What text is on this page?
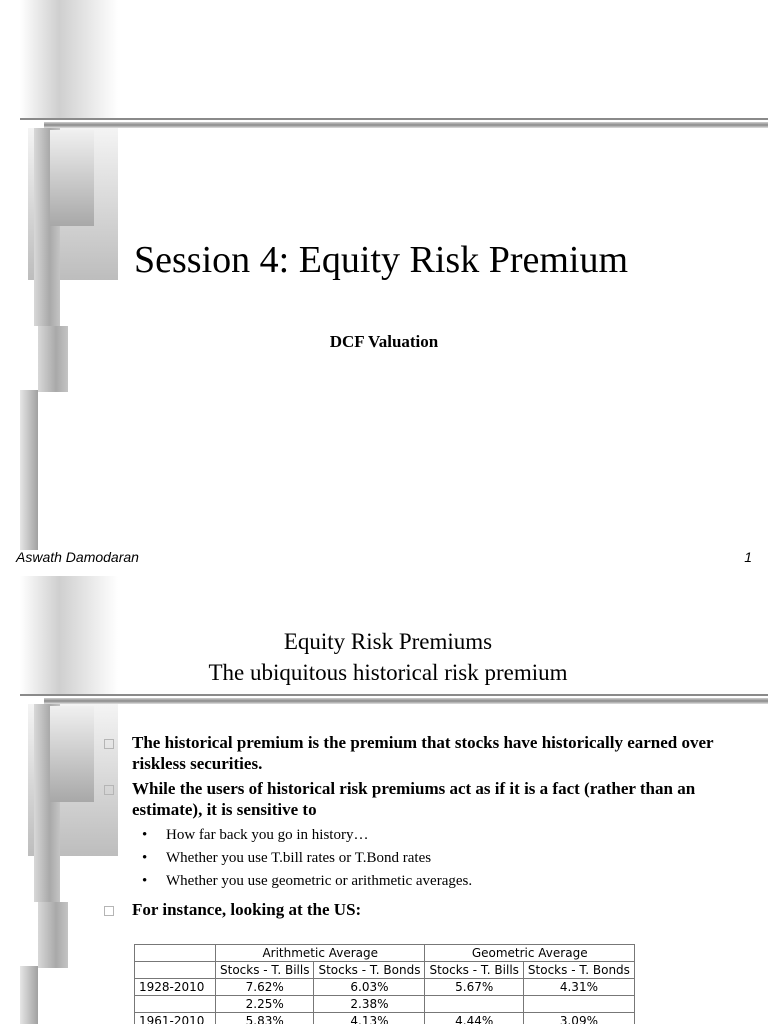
Session 4: Equity Risk Premium
DCF Valuation
Aswath Damodaran	1
Equity Risk Premiums
The ubiquitous historical risk premium
The historical premium is the premium that stocks have historically earned over riskless securities.
While the users of historical risk premiums act as if it is a fact (rather than an estimate), it is sensitive to
• How far back you go in history…
• Whether you use T.bill rates or T.Bond rates
• Whether you use geometric or arithmetic averages.
For instance, looking at the US:
	Arithmetic Average		Geometric Average	
	Stocks - T. Bills	Stocks - T. Bonds	Stocks - T. Bills	Stocks - T. Bonds
1928-2010	7.62%	6.03%	5.67%	4.31%
	2.25%	2.38%		
1961-2010	5.83%	4.13%	4.44%	3.09%
